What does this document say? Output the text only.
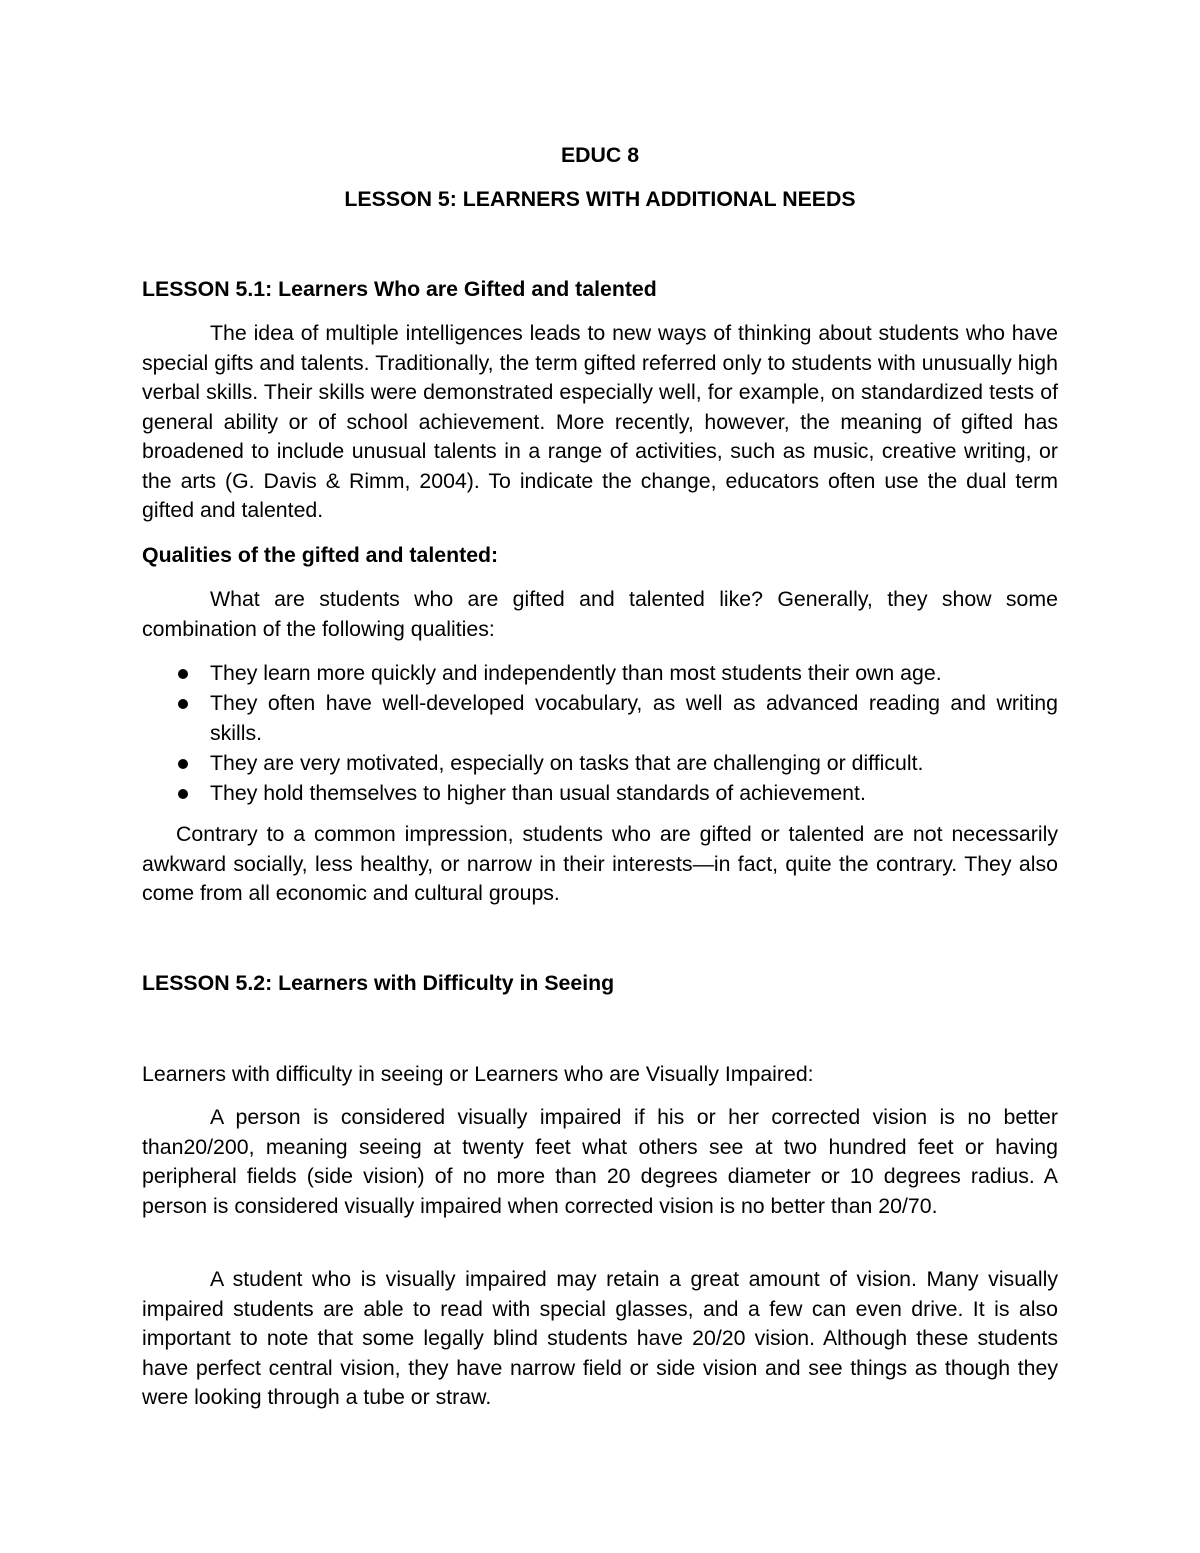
EDUC 8
LESSON 5: LEARNERS WITH ADDITIONAL NEEDS
LESSON 5.1: Learners Who are Gifted and talented

The idea of multiple intelligences leads to new ways of thinking about students who have special gifts and talents. Traditionally, the term gifted referred only to students with unusually high verbal skills. Their skills were demonstrated especially well, for example, on standardized tests of general ability or of school achievement. More recently, however, the meaning of gifted has broadened to include unusual talents in a range of activities, such as music, creative writing, or the arts (G. Davis & Rimm, 2004). To indicate the change, educators often use the dual term gifted and talented.

Qualities of the gifted and talented:

What are students who are gifted and talented like? Generally, they show some combination of the following qualities:

They learn more quickly and independently than most students their own age.
They often have well-developed vocabulary, as well as advanced reading and writing skills.
They are very motivated, especially on tasks that are challenging or difficult.
They hold themselves to higher than usual standards of achievement.

Contrary to a common impression, students who are gifted or talented are not necessarily awkward socially, less healthy, or narrow in their interests—in fact, quite the contrary. They also come from all economic and cultural groups.

LESSON 5.2: Learners with Difficulty in Seeing
Learners with difficulty in seeing or Learners who are Visually Impaired:

A person is considered visually impaired if his or her corrected vision is no better than20/200, meaning seeing at twenty feet what others see at two hundred feet or having peripheral fields (side vision) of no more than 20 degrees diameter or 10 degrees radius. A person is considered visually impaired when corrected vision is no better than 20/70.

A student who is visually impaired may retain a great amount of vision. Many visually impaired students are able to read with special glasses, and a few can even drive. It is also important to note that some legally blind students have 20/20 vision. Although these students have perfect central vision, they have narrow field or side vision and see things as though they were looking through a tube or straw.
